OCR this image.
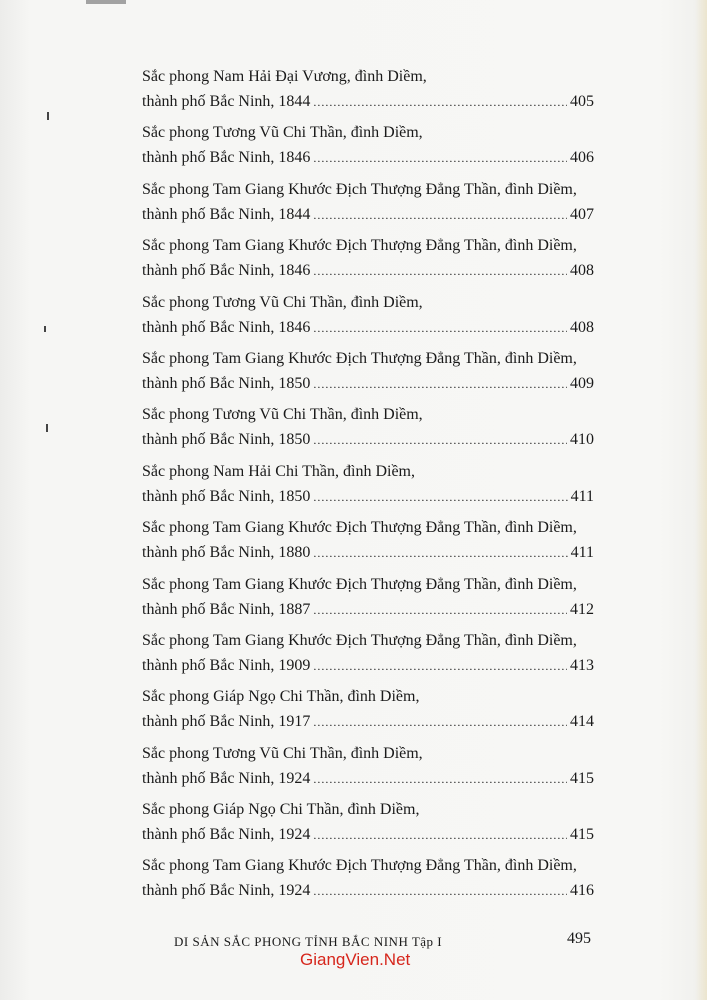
Sắc phong Nam Hải Đại Vương, đình Diềm,
thành phố Bắc Ninh, 1844 .....	405
Sắc phong Tương Vũ Chi Thần, đình Diềm,
thành phố Bắc Ninh, 1846 .....	406
Sắc phong Tam Giang Khước Địch Thượng Đẳng Thần, đình Diềm,
thành phố Bắc Ninh, 1844 .....	407
Sắc phong Tam Giang Khước Địch Thượng Đẳng Thần, đình Diềm,
thành phố Bắc Ninh, 1846 .....	408
Sắc phong Tương Vũ Chi Thần, đình Diềm,
thành phố Bắc Ninh, 1846 .....	408
Sắc phong Tam Giang Khước Địch Thượng Đẳng Thần, đình Diềm,
thành phố Bắc Ninh, 1850 .....	409
Sắc phong Tương Vũ Chi Thần, đình Diềm,
thành phố Bắc Ninh, 1850 .....	410
Sắc phong Nam Hải Chi Thần, đình Diềm,
thành phố Bắc Ninh, 1850 .....	411
Sắc phong Tam Giang Khước Địch Thượng Đẳng Thần, đình Diềm,
thành phố Bắc Ninh, 1880 .....	411
Sắc phong Tam Giang Khước Địch Thượng Đẳng Thần, đình Diềm,
thành phố Bắc Ninh, 1887 .....	412
Sắc phong Tam Giang Khước Địch Thượng Đẳng Thần, đình Diềm,
thành phố Bắc Ninh, 1909 .....	413
Sắc phong Giáp Ngọ Chi Thần, đình Diềm,
thành phố Bắc Ninh, 1917 .....	414
Sắc phong Tương Vũ Chi Thần, đình Diềm,
thành phố Bắc Ninh, 1924 .....	415
Sắc phong Giáp Ngọ Chi Thần, đình Diềm,
thành phố Bắc Ninh, 1924 .....	415
Sắc phong Tam Giang Khước Địch Thượng Đẳng Thần, đình Diềm,
thành phố Bắc Ninh, 1924 .....	416
DI SẢN SẮC PHONG TỈNH BẮC NINH Tập I	495
GiangVien.Net
